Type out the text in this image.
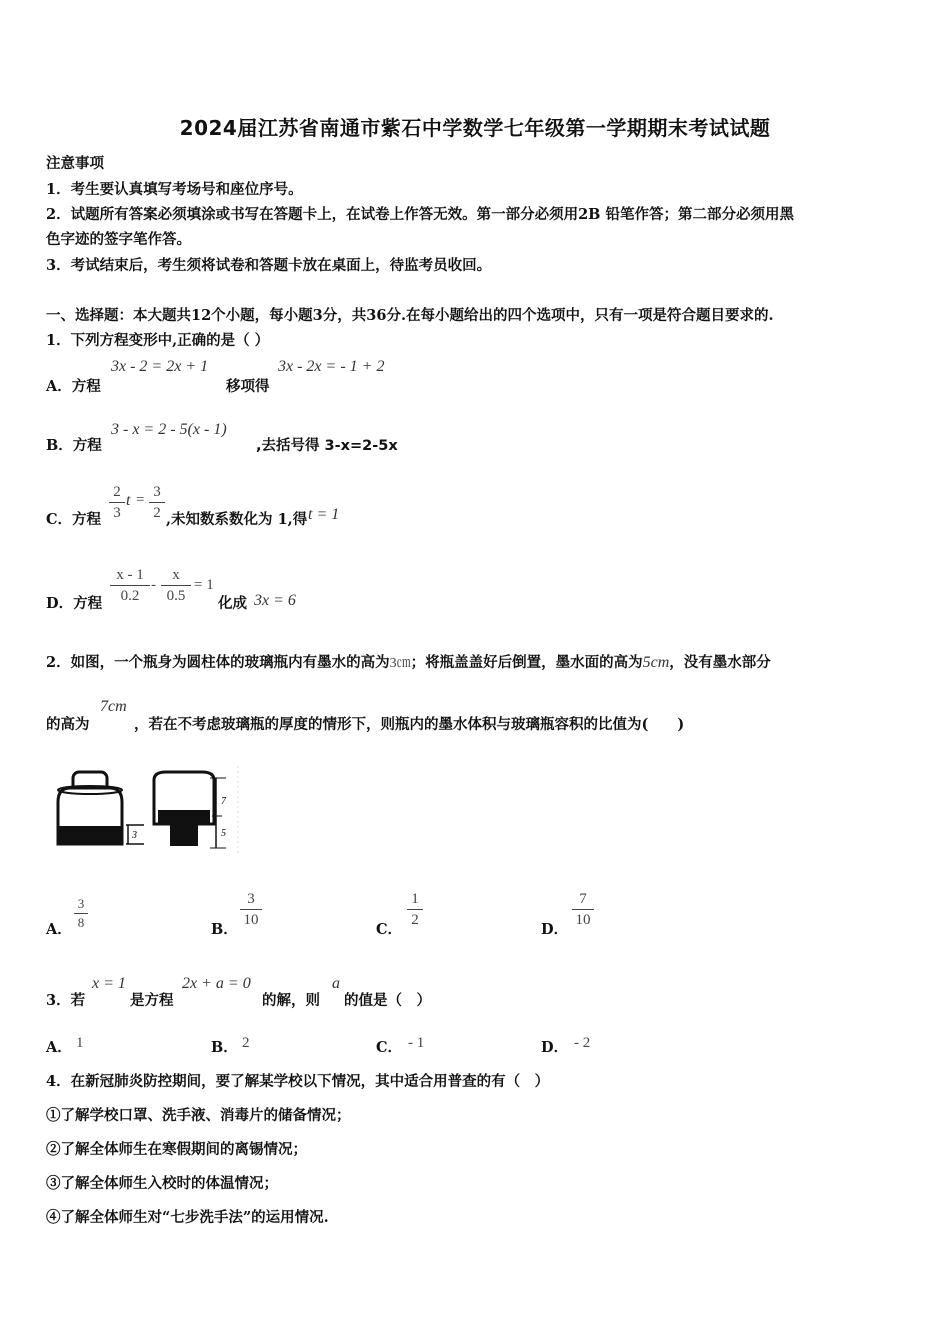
2024届江苏省南通市紫石中学数学七年级第一学期期末考试试题
注意事项
1．考生要认真填写考场号和座位序号。
2．试题所有答案必须填涂或书写在答题卡上，在试卷上作答无效。第一部分必须用2B 铅笔作答；第二部分必须用黑
色字迹的签字笔作答。
3．考试结束后，考生须将试卷和答题卡放在桌面上，待监考员收回。
一、选择题：本大题共12个小题，每小题3分，共36分.在每小题给出的四个选项中，只有一项是符合题目要求的.
1．下列方程变形中,正确的是（ ）
A．方程
3x - 2 = 2x + 1
移项得
3x - 2x = - 1 + 2
B．方程
3 - x = 2 - 5(x - 1)
,去括号得 3-x=2-5x
C．方程
2
3
t = 3
2 ,未知数系数化为 1,得 t = 1
D．方程
x - 1
0.2
-
x
0.5
= 1
化成 3x = 6
2．如图，一个瓶身为圆柱体的玻璃瓶内有墨水的高为3㎝；将瓶盖盖好后倒置，墨水面的高为5cm，没有墨水部分
的高为
7cm
，若在不考虑玻璃瓶的厚度的情形下，则瓶内的墨水体积与玻璃瓶容积的比值为(　　)
3
7
5
A．
3
8	B．
3
10
C．
1
2
D．
7
10
3．若
x = 1
是方程
2x + a = 0
的解，则
a
的值是（　）
A． 1	B． 2	C． - 1	D． - 2
4．在新冠肺炎防控期间，要了解某学校以下情况，其中适合用普查的有（　）
①了解学校口罩、洗手液、消毒片的储备情况；
②了解全体师生在寒假期间的离锡情况；
③了解全体师生入校时的体温情况；
④了解全体师生对“七步洗手法”的运用情况.
